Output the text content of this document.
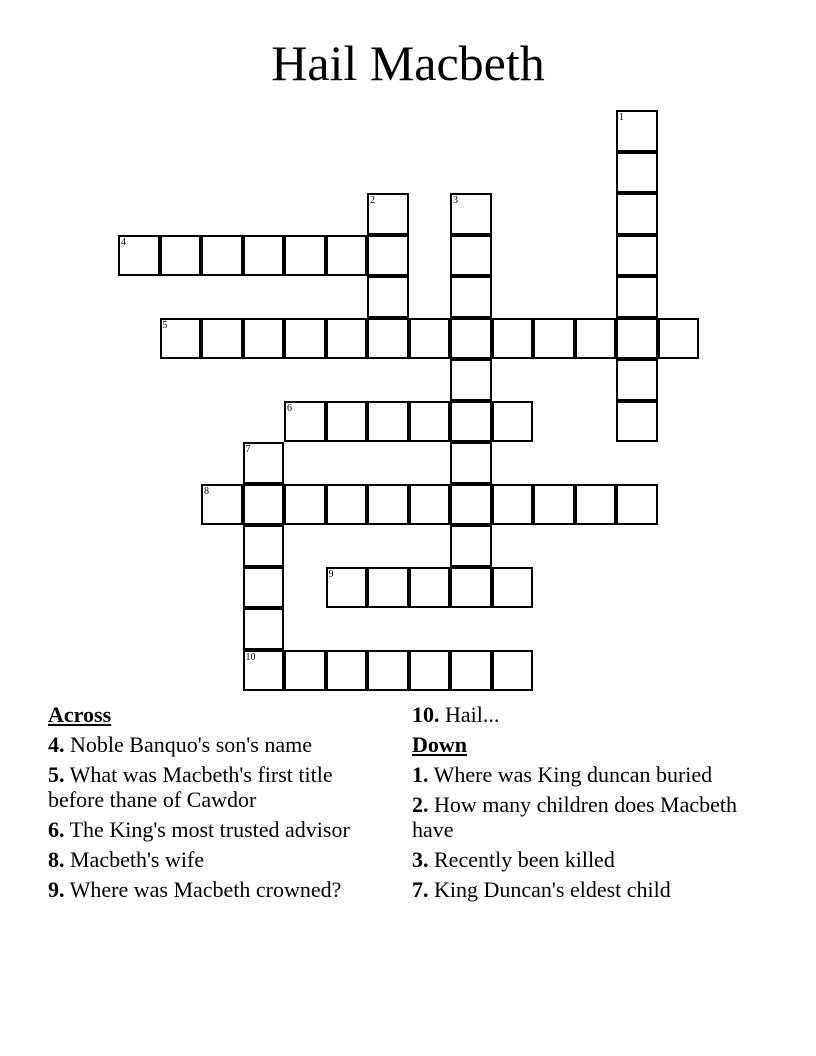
Hail Macbeth
1
2	3
4
5
6
7
10
8
9
Across
4. Noble Banquo's son's name
5. What was Macbeth's first title before thane of Cawdor
6. The King's most trusted advisor
8. Macbeth's wife
9. Where was Macbeth crowned?
10. Hail...
Down
1. Where was King duncan buried
2. How many children does Macbeth have
3. Recently been killed
7. King Duncan's eldest child
